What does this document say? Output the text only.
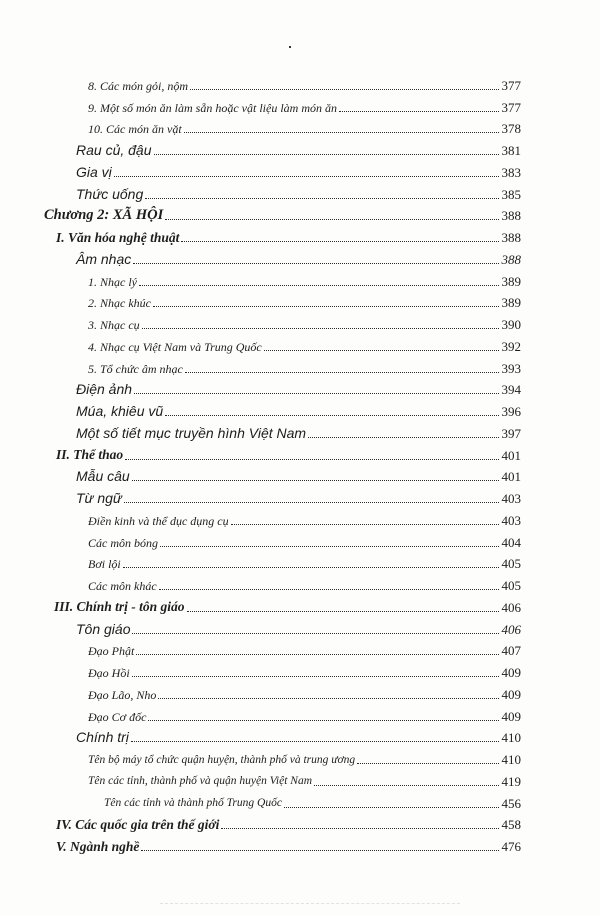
8. Các món gỏi, nộm	377
9. Một số món ăn làm sẵn hoặc vật liệu làm món ăn	377
10. Các món ăn vặt	378
Rau củ, đậu	381
Gia vị	383
Thức uống	385
Chương 2: XÃ HỘI	388
I. Văn hóa nghệ thuật	388
Âm nhạc	388
1. Nhạc lý	389
2. Nhạc khúc	389
3. Nhạc cụ	390
4. Nhạc cụ Việt Nam và Trung Quốc	392
5. Tổ chức âm nhạc	393
Điện ảnh	394
Múa, khiêu vũ	396
Một số tiết mục truyền hình Việt Nam	397
II. Thể thao	401
Mẫu câu	401
Từ ngữ	403
Điền kinh và thể dục dụng cụ	403
Các môn bóng	404
Bơi lội	405
Các môn khác	405
III. Chính trị - tôn giáo	406
Tôn giáo	406
Đạo Phật	407
Đạo Hồi	409
Đạo Lão, Nho	409
Đạo Cơ đốc	409
Chính trị	410
Tên bộ máy tổ chức quận huyện, thành phố và trung ương	410
Tên các tỉnh, thành phố và quận huyện Việt Nam	419
Tên các tỉnh và thành phố Trung Quốc	456
IV. Các quốc gia trên thế giới	458
V. Ngành nghề	476
